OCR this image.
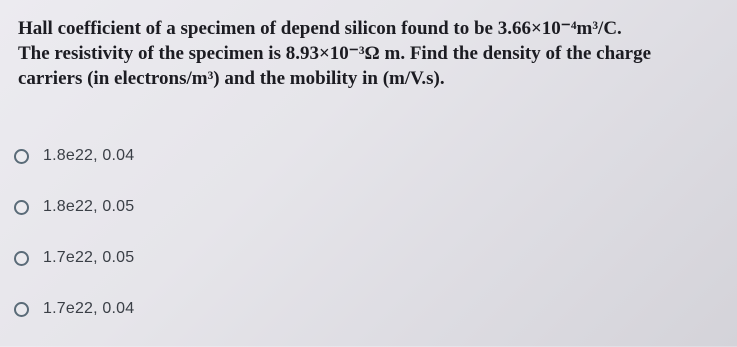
Hall coefficient of a specimen of depend silicon found to be 3.66×10⁻⁴m³/C.
The resistivity of the specimen is 8.93×10⁻³Ω m. Find the density of the charge
carriers (in electrons/m³) and the mobility in (m/V.s).
1.8e22, 0.04
1.8e22, 0.05
1.7e22, 0.05
1.7e22, 0.04
